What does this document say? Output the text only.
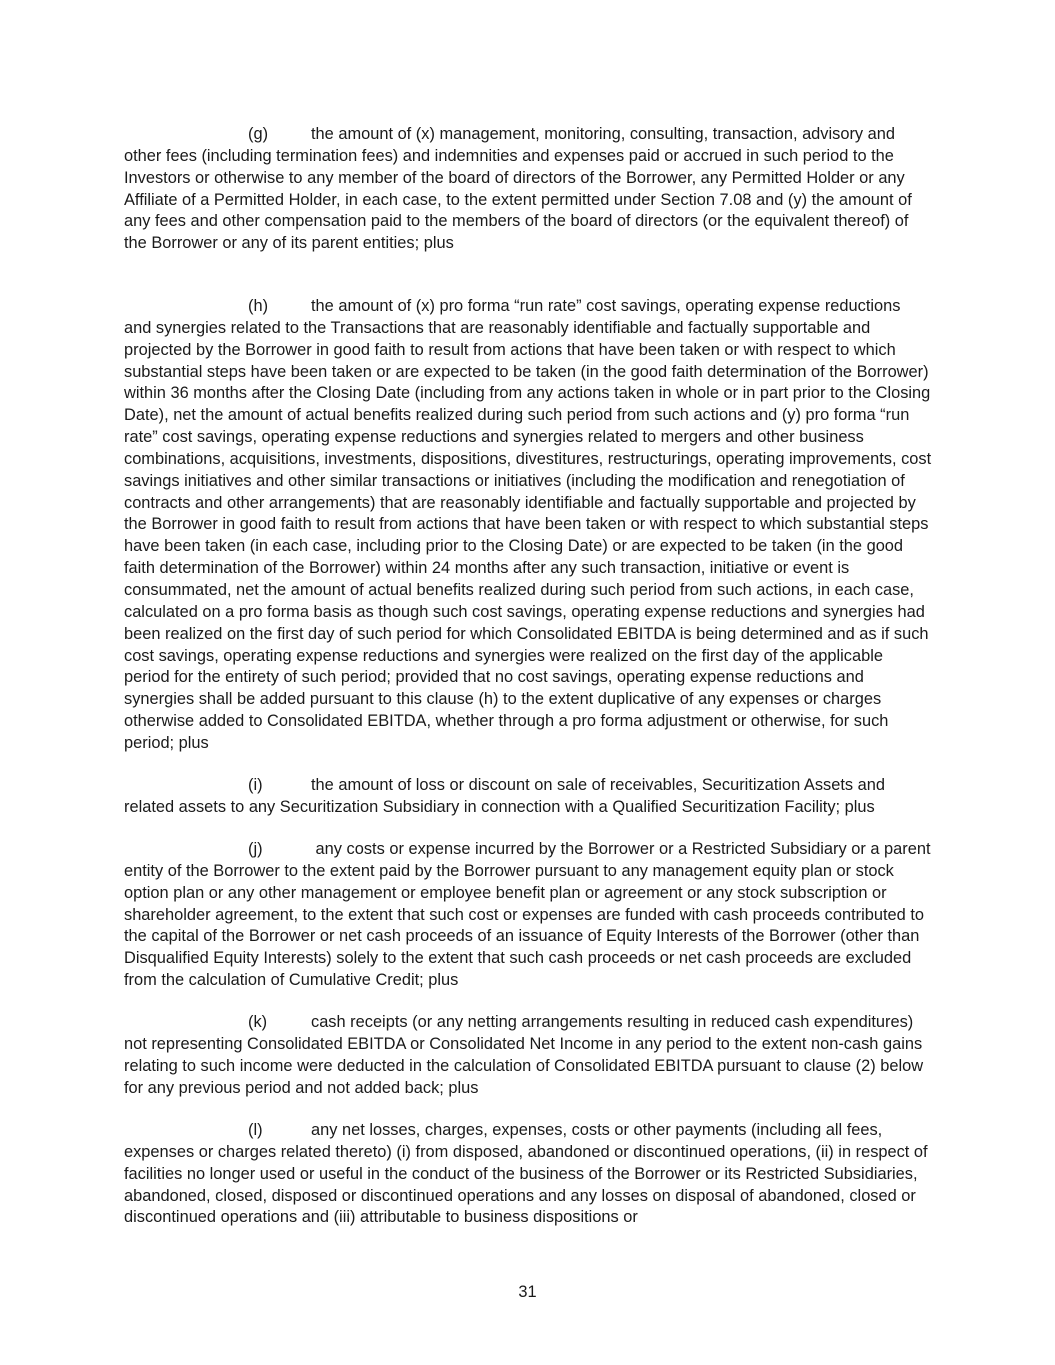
(g)	the amount of (x) management, monitoring, consulting, transaction, advisory and other fees (including termination fees) and indemnities and expenses paid or accrued in such period to the Investors or otherwise to any member of the board of directors of the Borrower, any Permitted Holder or any Affiliate of a Permitted Holder, in each case, to the extent permitted under Section 7.08 and (y) the amount of any fees and other compensation paid to the members of the board of directors (or the equivalent thereof) of the Borrower or any of its parent entities; plus

(h)	the amount of (x) pro forma “run rate” cost savings, operating expense reductions and synergies related to the Transactions that are reasonably identifiable and factually supportable and projected by the Borrower in good faith to result from actions that have been taken or with respect to which substantial steps have been taken or are expected to be taken (in the good faith determination of the Borrower) within 36 months after the Closing Date (including from any actions taken in whole or in part prior to the Closing Date), net the amount of actual benefits realized during such period from such actions and (y) pro forma “run rate” cost savings, operating expense reductions and synergies related to mergers and other business combinations, acquisitions, investments, dispositions, divestitures, restructurings, operating improvements, cost savings initiatives and other similar transactions or initiatives (including the modification and renegotiation of contracts and other arrangements) that are reasonably identifiable and factually supportable and projected by the Borrower in good faith to result from actions that have been taken or with respect to which substantial steps have been taken (in each case, including prior to the Closing Date) or are expected to be taken (in the good faith determination of the Borrower) within 24 months after any such transaction, initiative or event is consummated, net the amount of actual benefits realized during such period from such actions, in each case, calculated on a pro forma basis as though such cost savings, operating expense reductions and synergies had been realized on the first day of such period for which Consolidated EBITDA is being determined and as if such cost savings, operating expense reductions and synergies were realized on the first day of the applicable period for the entirety of such period; provided that no cost savings, operating expense reductions and synergies shall be added pursuant to this clause (h) to the extent duplicative of any expenses or charges otherwise added to Consolidated EBITDA, whether through a pro forma adjustment or otherwise, for such period; plus

(i)	the amount of loss or discount on sale of receivables, Securitization Assets and related assets to any Securitization Subsidiary in connection with a Qualified Securitization Facility; plus

(j)	any costs or expense incurred by the Borrower or a Restricted Subsidiary or a parent entity of the Borrower to the extent paid by the Borrower pursuant to any management equity plan or stock option plan or any other management or employee benefit plan or agreement or any stock subscription or shareholder agreement, to the extent that such cost or expenses are funded with cash proceeds contributed to the capital of the Borrower or net cash proceeds of an issuance of Equity Interests of the Borrower (other than Disqualified Equity Interests) solely to the extent that such cash proceeds or net cash proceeds are excluded from the calculation of Cumulative Credit; plus

(k)	cash receipts (or any netting arrangements resulting in reduced cash expenditures) not representing Consolidated EBITDA or Consolidated Net Income in any period to the extent non-cash gains relating to such income were deducted in the calculation of Consolidated EBITDA pursuant to clause (2) below for any previous period and not added back; plus

(l)	any net losses, charges, expenses, costs or other payments (including all fees, expenses or charges related thereto) (i) from disposed, abandoned or discontinued operations, (ii) in respect of facilities no longer used or useful in the conduct of the business of the Borrower or its Restricted Subsidiaries, abandoned, closed, disposed or discontinued operations and any losses on disposal of abandoned, closed or discontinued operations and (iii) attributable to business dispositions or

31
